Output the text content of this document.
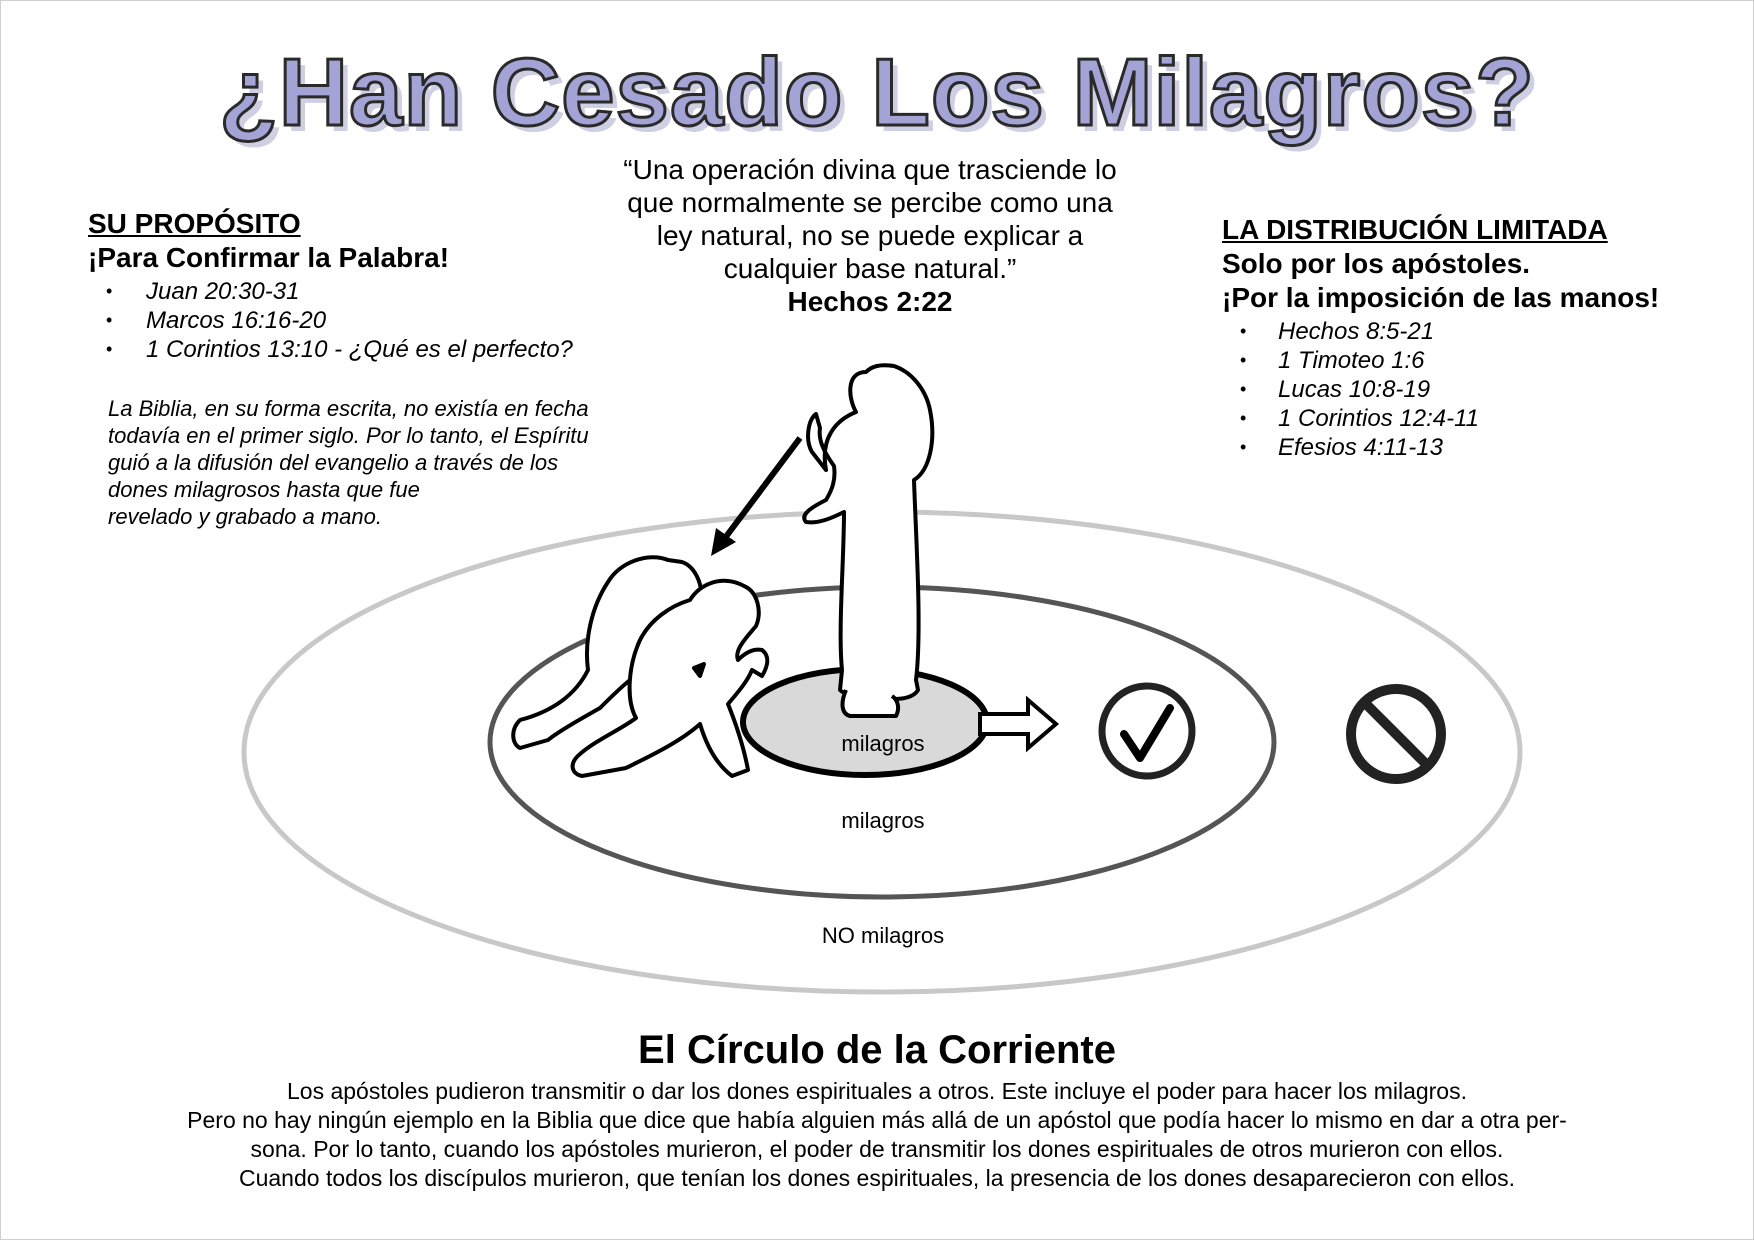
¿Han Cesado Los Milagros?
“Una operación divina que trasciende lo
que normalmente se percibe como una
ley natural, no se puede explicar a
cualquier base natural.”
Hechos 2:22
SU PROPÓSITO
¡Para Confirmar la Palabra!
• Juan 20:30-31
• Marcos 16:16-20
• 1 Corintios 13:10 - ¿Qué es el perfecto?
La Biblia, en su forma escrita, no existía en fecha
todavía en el primer siglo. Por lo tanto, el Espíritu
guió a la difusión del evangelio a través de los
dones milagrosos hasta que fue
revelado y grabado a mano.
LA DISTRIBUCIÓN LIMITADA
Solo por los apóstoles.
¡Por la imposición de las manos!
• Hechos 8:5-21
• 1 Timoteo 1:6
• Lucas 10:8-19
• 1 Corintios 12:4-11
• Efesios 4:11-13
milagros
milagros
NO milagros
El Círculo de la Corriente
Los apóstoles pudieron transmitir o dar los dones espirituales a otros. Este incluye el poder para hacer los milagros.
Pero no hay ningún ejemplo en la Biblia que dice que había alguien más allá de un apóstol que podía hacer lo mismo en dar a otra per-
sona. Por lo tanto, cuando los apóstoles murieron, el poder de transmitir los dones espirituales de otros murieron con ellos.
Cuando todos los discípulos murieron, que tenían los dones espirituales, la presencia de los dones desaparecieron con ellos.
